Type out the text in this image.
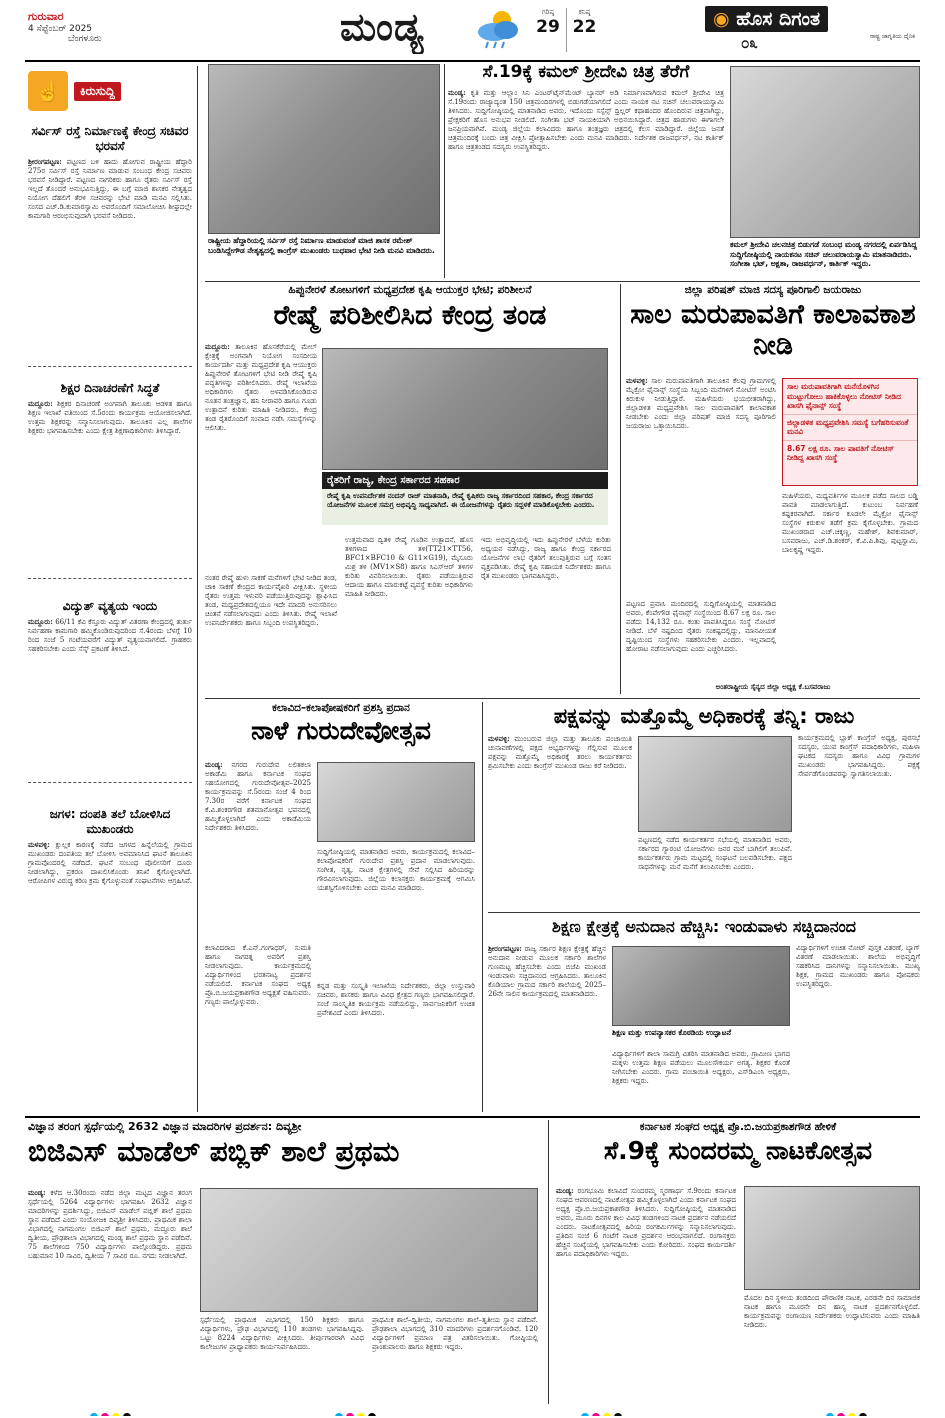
ಗುರುವಾರ
4 ಸೆಪ್ಟೆಂಬರ್ 2025
ಬೆಂಗಳೂರು	ಮಂಡ್ಯ	ಗರಿಷ್ಠ
29
ಕನಿಷ್ಠ
22	◉ ಹೊಸ ದಿಗಂತ
ರಾಷ್ಟ್ರ ಜಾಗೃತಿಯ ದೈನಿಕ
೦೩
☝	ಕಿರುಸುದ್ದಿ
ಸರ್ವಿಸ್ ರಸ್ತೆ ನಿರ್ಮಾಣಕ್ಕೆ ಕೇಂದ್ರ ಸಚಿವರ ಭರವಸೆ
ಶ್ರೀರಂಗಪಟ್ಟಣ: ಪಟ್ಟಣದ ಬಳಿ ಹಾದು ಹೋಗುವ ರಾಷ್ಟ್ರೀಯ ಹೆದ್ದಾರಿ 275ರ ಸರ್ವಿಸ್ ರಸ್ತೆ ನಿರ್ಮಾಣ ಮಾಡುವ ಸಂಬಂಧ ಕೇಂದ್ರ ಸಚಿವರು ಭರವಸೆ ನೀಡಿದ್ದಾರೆ. ಪಟ್ಟಣದ ನಾಗರಿಕರು ಹಾಗೂ ರೈತರು ಸರ್ವಿಸ್ ರಸ್ತೆ ಇಲ್ಲದೆ ತೊಂದರೆ ಅನುಭವಿಸುತ್ತಿದ್ದು, ಈ ಬಗ್ಗೆ ಮಾಜಿ ಶಾಸಕರ ನೇತೃತ್ವದ ನಿಯೋಗ ದೆಹಲಿಗೆ ತೆರಳಿ ಸಚಿವರನ್ನು ಭೇಟಿ ಮಾಡಿ ಮನವಿ ಸಲ್ಲಿಸಿತು. ಸಂಸದ ಎಚ್.ಡಿ.ಕುಮಾರಸ್ವಾಮಿ ಅವರೊಂದಿಗೆ ಸಮಾಲೋಚಿಸಿ ಶೀಘ್ರದಲ್ಲೇ ಕಾಮಗಾರಿ ಆರಂಭಿಸುವುದಾಗಿ ಭರವಸೆ ನೀಡಿದರು.
ಶಿಕ್ಷರ ದಿನಾಚರಣೆಗೆ ಸಿದ್ಧತೆ
ಮದ್ದೂರು: ಶಿಕ್ಷಕರ ದಿನಾಚರಣೆ ಅಂಗವಾಗಿ ತಾಲೂಕು ಆಡಳಿತ ಹಾಗೂ ಶಿಕ್ಷಣ ಇಲಾಖೆ ವತಿಯಿಂದ ಸೆ.5ರಂದು ಕಾರ್ಯಕ್ರಮ ಆಯೋಜಿಸಲಾಗಿದೆ. ಉತ್ತಮ ಶಿಕ್ಷಕರನ್ನು ಸನ್ಮಾನಿಸಲಾಗುವುದು. ತಾಲೂಕಿನ ಎಲ್ಲ ಶಾಲೆಗಳ ಶಿಕ್ಷಕರು ಭಾಗವಹಿಸಬೇಕು ಎಂದು ಕ್ಷೇತ್ರ ಶಿಕ್ಷಣಾಧಿಕಾರಿಗಳು ತಿಳಿಸಿದ್ದಾರೆ.
ವಿದ್ಯುತ್ ವ್ಯತ್ಯಯ ಇಂದು
ಮದ್ದೂರು: 66/11 ಕೆವಿ ಕೆಸ್ತೂರು ವಿದ್ಯುತ್ ವಿತರಣಾ ಕೇಂದ್ರದಲ್ಲಿ ತುರ್ತು ನಿರ್ವಹಣಾ ಕಾಮಗಾರಿ ಹಮ್ಮಿಕೊಂಡಿರುವುದರಿಂದ ಸೆ.4ರಂದು ಬೆಳಗ್ಗೆ 10 ರಿಂದ ಸಂಜೆ 5 ಗಂಟೆಯವರೆಗೆ ವಿದ್ಯುತ್ ವ್ಯತ್ಯಯವಾಗಲಿದೆ. ಗ್ರಾಹಕರು ಸಹಕರಿಸಬೇಕು ಎಂದು ಸೆಸ್ಕ್ ಪ್ರಕಟಣೆ ತಿಳಿಸಿದೆ.
ಜಗಳ: ದಂಪತಿ ತಲೆ ಬೋಳಿಸಿದ ಮುಖಂಡರು
ಮಳವಳ್ಳಿ: ಕ್ಷುಲ್ಲಕ ಕಾರಣಕ್ಕೆ ನಡೆದ ಜಗಳದ ಹಿನ್ನೆಲೆಯಲ್ಲಿ ಗ್ರಾಮದ ಮುಖಂಡರು ದಂಪತಿಯ ತಲೆ ಬೋಳಿಸಿ ಅವಮಾನಿಸಿದ ಘಟನೆ ತಾಲೂಕಿನ ಗ್ರಾಮವೊಂದರಲ್ಲಿ ನಡೆದಿದೆ. ಘಟನೆ ಸಂಬಂಧ ಪೊಲೀಸರಿಗೆ ದೂರು ನೀಡಲಾಗಿದ್ದು, ಪ್ರಕರಣ ದಾಖಲಿಸಿಕೊಂಡು ತನಿಖೆ ಕೈಗೊಳ್ಳಲಾಗಿದೆ. ಆರೋಪಿಗಳ ವಿರುದ್ಧ ಕಠಿಣ ಕ್ರಮ ಕೈಗೊಳ್ಳುವಂತೆ ಸಂಘಟನೆಗಳು ಆಗ್ರಹಿಸಿವೆ.
ರಾಷ್ಟ್ರೀಯ ಹೆದ್ದಾರಿಯಲ್ಲಿ ಸರ್ವಿಸ್ ರಸ್ತೆ ನಿರ್ಮಾಣ ಮಾಡುವಂತೆ ಮಾಜಿ ಶಾಸಕ ರಮೇಶ್ ಬಂಡಿಸಿದ್ದೇಗೌಡ ನೇತೃತ್ವದಲ್ಲಿ ಕಾಂಗ್ರೆಸ್ ಮುಖಂಡರು ಬುಧವಾರ ಭೇಟಿ ನೀಡಿ ಮನವಿ ಮಾಡಿದರು.
ಸೆ.19ಕ್ಕೆ ಕಮಲ್ ಶ್ರೀದೇವಿ ಚಿತ್ರ ತೆರೆಗೆ
ಮಂಡ್ಯ: ಕೃತಿ ಮತ್ತು ಆಲ್ಲಾಂ ಸಿನಿ ಎಂಟರ್‌ಟೈನ್‌ಮೆಂಟ್ ಬ್ಯಾನರ್ ಅಡಿ ನಿರ್ಮಾಣವಾಗಿರುವ ಕಮಲ್ ಶ್ರೀದೇವಿ ಚಿತ್ರ ಸೆ.19ರಂದು ರಾಜ್ಯಾದ್ಯಂತ 150 ಚಿತ್ರಮಂದಿರಗಳಲ್ಲಿ ಬಿಡುಗಡೆಯಾಗಲಿದೆ ಎಂದು ನಾಯಕ ನಟ ಸಚಿನ್ ಚಲುವರಾಯಸ್ವಾಮಿ ತಿಳಿಸಿದರು. ಸುದ್ದಿಗೋಷ್ಠಿಯಲ್ಲಿ ಮಾತನಾಡಿದ ಅವರು, ಇದೊಂದು ಸಸ್ಪೆನ್ಸ್ ಥ್ರಿಲ್ಲರ್ ಕಥಾಹಂದರ ಹೊಂದಿರುವ ಚಿತ್ರವಾಗಿದ್ದು, ಪ್ರೇಕ್ಷಕರಿಗೆ ಹೊಸ ಅನುಭವ ನೀಡಲಿದೆ. ಸಂಗೀತಾ ಭಟ್ ನಾಯಕಿಯಾಗಿ ಅಭಿನಯಿಸಿದ್ದಾರೆ. ಚಿತ್ರದ ಹಾಡುಗಳು ಈಗಾಗಲೇ ಜನಪ್ರಿಯವಾಗಿವೆ. ಮಂಡ್ಯ ಜಿಲ್ಲೆಯ ಕಲಾವಿದರು ಹಾಗೂ ತಂತ್ರಜ್ಞರು ಚಿತ್ರದಲ್ಲಿ ಕೆಲಸ ಮಾಡಿದ್ದಾರೆ. ಜಿಲ್ಲೆಯ ಜನತೆ ಚಿತ್ರಮಂದಿರಕ್ಕೆ ಬಂದು ಚಿತ್ರ ವೀಕ್ಷಿಸಿ ಪ್ರೋತ್ಸಾಹಿಸಬೇಕು ಎಂದು ಮನವಿ ಮಾಡಿದರು. ನಿರ್ದೇಶಕ ರಾಜವರ್ಧನ್, ನಟ ಕಾರ್ತಿಕ್ ಹಾಗೂ ಚಿತ್ರತಂಡದ ಸದಸ್ಯರು ಉಪಸ್ಥಿತರಿದ್ದರು.
ಕಮಲ್ ಶ್ರೀದೇವಿ ಚಲನಚಿತ್ರ ಬಿಡುಗಡೆ ಸಂಬಂಧ ಮಂಡ್ಯ ನಗರದಲ್ಲಿ ಏರ್ಪಡಿಸಿದ್ದ ಸುದ್ದಿಗೋಷ್ಠಿಯಲ್ಲಿ ನಾಯಕನಟ ಸಚಿನ್ ಚಲುವರಾಯಸ್ವಾಮಿ ಮಾತನಾಡಿದರು. ಸಂಗೀತಾ ಭಟ್, ಅಕ್ಷತಾ, ರಾಜವರ್ಧನ್, ಕಾರ್ತಿಕ್ ಇದ್ದರು.
ಹಿಪ್ಪುನೇರಳೆ ತೋಟಗಳಿಗೆ ಮಧ್ಯಪ್ರದೇಶ ಕೃಷಿ ಆಯುಕ್ತರ ಭೇಟಿ; ಪರಿಶೀಲನೆ
ರೇಷ್ಮೆ ಪರಿಶೀಲಿಸಿದ ಕೇಂದ್ರ ತಂಡ
ಮದ್ದೂರು: ತಾಲೂಕಿನ ಹೊಸಕೆರೆಯಲ್ಲಿ ಮೇಲ್ ಕ್ಷೇತ್ರಕ್ಕೆ ಅಂಗವಾಗಿ ನಿಯೋಗ ಸಂಸದೀಯ ಕಾರ್ಯದರ್ಶಿ ಮತ್ತು ಮಧ್ಯಪ್ರದೇಶ ಕೃಷಿ ಆಯುಕ್ತರು ಹಿಪ್ಪುನೇರಳೆ ತೋಟಗಳಿಗೆ ಭೇಟಿ ನೀಡಿ ರೇಷ್ಮೆ ಕೃಷಿ ಪದ್ಧತಿಗಳನ್ನು ಪರಿಶೀಲಿಸಿದರು. ರೇಷ್ಮೆ ಇಲಾಖೆಯ ಅಧಿಕಾರಿಗಳು ರೈತರು ಅಳವಡಿಸಿಕೊಂಡಿರುವ ನೂತನ ತಂತ್ರಜ್ಞಾನ, ಹನಿ ನೀರಾವರಿ ಹಾಗೂ ಗೂಡು ಉತ್ಪಾದನೆ ಕುರಿತು ಮಾಹಿತಿ ನೀಡಿದರು. ಕೇಂದ್ರ ತಂಡ ರೈತರೊಂದಿಗೆ ಸಂವಾದ ನಡೆಸಿ ಸಮಸ್ಯೆಗಳನ್ನು ಆಲಿಸಿತು.
ರೈತರಿಗೆ ರಾಜ್ಯ, ಕೇಂದ್ರ ಸರ್ಕಾರದ ಸಹಕಾರ
ರೇಷ್ಮೆ ಕೃಷಿ ಉಪನಿರ್ದೇಶಕ ನಂದನ್ ರಾಜ್ ಮಾತನಾಡಿ, ರೇಷ್ಮೆ ಕೃಷಿಕರು ರಾಜ್ಯ ಸರ್ಕಾರದಿಂದ ಸಹಕಾರ, ಕೇಂದ್ರ ಸರ್ಕಾರದ ಯೋಜನೆಗಳ ಮೂಲಕ ಸಮಗ್ರ ಅಭಿವೃದ್ಧಿ ಸಾಧ್ಯವಾಗಿದೆ. ಈ ಯೋಜನೆಗಳನ್ನು ರೈತರು ಸದ್ಬಳಕೆ ಮಾಡಿಕೊಳ್ಳಬೇಕು ಎಂದರು.
ನಂತರ ರೇಷ್ಮೆ ಹುಳು ಸಾಕಣೆ ಮನೆಗಳಿಗೆ ಭೇಟಿ ನೀಡಿದ ತಂಡ, ಚಾಕಿ ಸಾಕಣೆ ಕೇಂದ್ರದ ಕಾರ್ಯವೈಖರಿ ವೀಕ್ಷಿಸಿತು. ಸ್ಥಳೀಯ ರೈತರು ಉತ್ತಮ ಇಳುವರಿ ಪಡೆಯುತ್ತಿರುವುದನ್ನು ಶ್ಲಾಘಿಸಿದ ತಂಡ, ಮಧ್ಯಪ್ರದೇಶದಲ್ಲಿಯೂ ಇದೇ ಮಾದರಿ ಅನುಸರಿಸಲು ಚಿಂತನೆ ನಡೆಸಲಾಗುವುದು ಎಂದು ತಿಳಿಸಿತು. ರೇಷ್ಮೆ ಇಲಾಖೆ ಉಪನಿರ್ದೇಶಕರು ಹಾಗೂ ಸಿಬ್ಬಂದಿ ಉಪಸ್ಥಿತರಿದ್ದರು.
ಉತ್ತಮವಾದ ದ್ವಿತಳಿ ರೇಷ್ಮೆ ಗೂಡಿನ ಉತ್ಪಾದನೆ, ಹೊಸ ತಳಿಗಳಾದ ತಳಿ(TT21×TT56, BFC1×BFC10 & G11×G19), ಮೈಸೂರು ಮಿಶ್ರ ತಳಿ (MV1×S8) ಹಾಗೂ ಸಿಎಸ್‌ಆರ್ ತಳಿಗಳ ಕುರಿತು ವಿವರಿಸಲಾಯಿತು. ರೈತರು ಪಡೆಯುತ್ತಿರುವ ಆದಾಯ ಹಾಗೂ ಮಾರುಕಟ್ಟೆ ವ್ಯವಸ್ಥೆ ಕುರಿತು ಅಧಿಕಾರಿಗಳು ಮಾಹಿತಿ ನೀಡಿದರು.
ಇದು ಅಭಿವೃದ್ಧಿಯಲ್ಲಿ ಇದು ಹಿಪ್ಪುನೇರಳೆ ಬೆಳೆಯ ಕುರಿತು ಅಧ್ಯಯನ ನಡೆಸಿದ್ದು, ರಾಜ್ಯ ಹಾಗೂ ಕೇಂದ್ರ ಸರ್ಕಾರದ ಯೋಜನೆಗಳ ಲಾಭ ರೈತರಿಗೆ ತಲುಪುತ್ತಿರುವ ಬಗ್ಗೆ ಸಂತಸ ವ್ಯಕ್ತಪಡಿಸಿತು. ರೇಷ್ಮೆ ಕೃಷಿ ಸಹಾಯಕ ನಿರ್ದೇಶಕರು ಹಾಗೂ ರೈತ ಮುಖಂಡರು ಭಾಗವಹಿಸಿದ್ದರು.
ಜಿಲ್ಲಾ ಪರಿಷತ್ ಮಾಜಿ ಸದಸ್ಯ ಪೂರಿಗಾಲಿ ಜಯರಾಜು
ಸಾಲ ಮರುಪಾವತಿಗೆ ಕಾಲಾವಕಾಶ ನೀಡಿ
ಮಳವಳ್ಳಿ: ಸಾಲ ಮರುಪಾವತಿಗಾಗಿ ತಾಲೂಕಿನ ಕೆಲವು ಗ್ರಾಮಗಳಲ್ಲಿ ಮೈಕ್ರೋ ಫೈನಾನ್ಸ್ ಸಂಸ್ಥೆಯ ಸಿಬ್ಬಂದಿ ಮನೆಗಳಿಗೆ ನೋಟಿಸ್ ಅಂಟಿಸಿ ಕಿರುಕುಳ ನೀಡುತ್ತಿದ್ದಾರೆ. ಮಹಿಳೆಯರು ಭಯಭೀತರಾಗಿದ್ದು, ಜಿಲ್ಲಾಡಳಿತ ಮಧ್ಯಪ್ರವೇಶಿಸಿ ಸಾಲ ಮರುಪಾವತಿಗೆ ಕಾಲಾವಕಾಶ ನೀಡಬೇಕು ಎಂದು ಜಿಲ್ಲಾ ಪರಿಷತ್ ಮಾಜಿ ಸದಸ್ಯ ಪೂರಿಗಾಲಿ ಜಯರಾಜು ಒತ್ತಾಯಿಸಿದರು.
ಸಾಲ ಮರುಪಾವತಿಗಾಗಿ ಮನೆಯೊಳಗಿನ ಮುಟ್ಟುಗೋಲು ಹಾಕಿಕೊಳ್ಳಲು ನೋಟಿಸ್ ನೀಡಿದ ಖಾಸಗಿ ಫೈನಾನ್ಸ್ ಸಂಸ್ಥೆ
ಜಿಲ್ಲಾಡಳಿತ ಮಧ್ಯಪ್ರವೇಶಿಸಿ ಸಮಸ್ಯೆ ಬಗೆಹರಿಸುವಂತೆ ಮನವಿ
8.67 ಲಕ್ಷ ರೂ. ಸಾಲ ಪಾವತಿಗೆ ನೋಟಿಸ್ ನೀಡಿದ್ದ ಖಾಸಗಿ ಸಂಸ್ಥೆ
ಮಹಿಳೆಯರು, ಮಧ್ಯವರ್ತಿಗಳ ಮೂಲಕ ಪಡೆದ ಸಾಲದ ಬಡ್ಡಿ ಪಾವತಿ ಮಾಡಲಾಗುತ್ತಿದೆ. ಕುಟುಂಬ ನಿರ್ವಹಣೆ ಕಷ್ಟಕರವಾಗಿದೆ. ಸರ್ಕಾರ ಕೂಡಲೇ ಮೈಕ್ರೋ ಫೈನಾನ್ಸ್ ಸಂಸ್ಥೆಗಳ ಕಿರುಕುಳ ತಡೆಗೆ ಕ್ರಮ ಕೈಗೊಳ್ಳಬೇಕು. ಗ್ರಾಮದ ಮುಖಂಡರಾದ ಎಚ್.ಚಿಕ್ಕಣ್ಣ, ಮಹೇಶ್, ಶಿವಕುಮಾರ್, ಬಸವರಾಜು, ಎಚ್.ಡಿ.ಶಂಕರ್, ಕೆ.ವಿ.ಪಿ.ಶಿವು, ಪುಟ್ಟಸ್ವಾಮಿ, ಬಾಲಕೃಷ್ಣ ಇದ್ದರು.
ಪಟ್ಟಣದ ಪ್ರವಾಸಿ ಮಂದಿರದಲ್ಲಿ ಸುದ್ದಿಗೋಷ್ಠಿಯಲ್ಲಿ ಮಾತನಾಡಿದ ಅವರು, ಕೆಂಪೇಗೌಡ ಫೈನಾನ್ಸ್ ಸಂಸ್ಥೆಯಿಂದ 8.67 ಲಕ್ಷ ರೂ. ಸಾಲ ಪಡೆದು 14,132 ರೂ. ಕಂತು ಪಾವತಿಸಿದ್ದರೂ ಸಂಸ್ಥೆ ನೋಟಿಸ್ ನೀಡಿದೆ. ಬೆಳೆ ನಷ್ಟದಿಂದ ರೈತರು ಸಂಕಷ್ಟದಲ್ಲಿದ್ದು, ಮಾನವೀಯತೆ ದೃಷ್ಟಿಯಿಂದ ಸಂಸ್ಥೆಗಳು ಸಹಕರಿಸಬೇಕು ಎಂದರು. ಇಲ್ಲವಾದಲ್ಲಿ ಹೋರಾಟ ನಡೆಸಲಾಗುವುದು ಎಂದು ಎಚ್ಚರಿಸಿದರು.
ಅಂತರಾಷ್ಟ್ರೀಯ ಸೈನ್ಯದ ಜಿಲ್ಲಾ ಅಧ್ಯಕ್ಷ ಕೆ.ಬಸವರಾಜು
ಕಲಾವಿದ–ಕಲಾಪೋಷಕರಿಗೆ ಪ್ರಶಸ್ತಿ ಪ್ರದಾನ
ನಾಳೆ ಗುರುದೇವೋತ್ಸವ
ಮಂಡ್ಯ: ನಗರದ ಗುರುದೇವ ಲಲಿತಕಲಾ ಅಕಾಡೆಮಿ ಹಾಗೂ ಕರ್ನಾಟಕ ಸಂಘದ ಸಹಯೋಗದಲ್ಲಿ ಗುರುದೇವೋತ್ಸವ–2025 ಕಾರ್ಯಕ್ರಮವನ್ನು ಸೆ.5ರಂದು ಸಂಜೆ 4 ರಿಂದ 7.30ರ ವರೆಗೆ ಕರ್ನಾಟಕ ಸಂಘದ ಕೆ.ವಿ.ಶಂಕರಗೌಡ ಶತಮಾನೋತ್ಸವ ಭವನದಲ್ಲಿ ಹಮ್ಮಿಕೊಳ್ಳಲಾಗಿದೆ ಎಂದು ಅಕಾಡೆಮಿಯ ನಿರ್ದೇಶಕರು ತಿಳಿಸಿದರು.
ಸುದ್ದಿಗೋಷ್ಠಿಯಲ್ಲಿ ಮಾತನಾಡಿದ ಅವರು, ಕಾರ್ಯಕ್ರಮದಲ್ಲಿ ಕಲಾವಿದ–ಕಲಾಪೋಷಕರಿಗೆ ಗುರುದೇವ ಪ್ರಶಸ್ತಿ ಪ್ರದಾನ ಮಾಡಲಾಗುವುದು. ಸಂಗೀತ, ನೃತ್ಯ, ನಾಟಕ ಕ್ಷೇತ್ರಗಳಲ್ಲಿ ಸೇವೆ ಸಲ್ಲಿಸಿದ ಹಿರಿಯರನ್ನು ಗೌರವಿಸಲಾಗುವುದು. ಜಿಲ್ಲೆಯ ಕಲಾಸಕ್ತರು ಕಾರ್ಯಕ್ರಮಕ್ಕೆ ಆಗಮಿಸಿ ಯಶಸ್ವಿಗೊಳಿಸಬೇಕು ಎಂದು ಮನವಿ ಮಾಡಿದರು.
ಕಲಾವಿದರಾದ ಕೆ.ಎನ್.ಗಂಗಾಧರ್, ಸುಮತಿ ಹಾಗೂ ನಾಗರತ್ನ ಅವರಿಗೆ ಪ್ರಶಸ್ತಿ ನೀಡಲಾಗುವುದು. ಕಾರ್ಯಕ್ರಮದಲ್ಲಿ ವಿದ್ಯಾರ್ಥಿಗಳಿಂದ ಭರತನಾಟ್ಯ ಪ್ರದರ್ಶನ ನಡೆಯಲಿದೆ. ಕರ್ನಾಟಕ ಸಂಘದ ಅಧ್ಯಕ್ಷ ಪ್ರೊ.ಬಿ.ಜಯಪ್ರಕಾಶಗೌಡ ಅಧ್ಯಕ್ಷತೆ ವಹಿಸುವರು. ಗಣ್ಯರು ಪಾಲ್ಗೊಳ್ಳುವರು.
ಕನ್ನಡ ಮತ್ತು ಸಂಸ್ಕೃತಿ ಇಲಾಖೆಯ ನಿರ್ದೇಶಕರು, ಜಿಲ್ಲಾ ಉಸ್ತುವಾರಿ ಸಚಿವರು, ಶಾಸಕರು ಹಾಗೂ ವಿವಿಧ ಕ್ಷೇತ್ರದ ಗಣ್ಯರು ಭಾಗವಹಿಸಲಿದ್ದಾರೆ. ಸಂಜೆ ಸಾಂಸ್ಕೃತಿಕ ಕಾರ್ಯಕ್ರಮ ನಡೆಯಲಿದ್ದು, ಸಾರ್ವಜನಿಕರಿಗೆ ಉಚಿತ ಪ್ರವೇಶವಿದೆ ಎಂದು ತಿಳಿಸಿದರು.
ಪಕ್ಷವನ್ನು ಮತ್ತೊಮ್ಮೆ ಅಧಿಕಾರಕ್ಕೆ ತನ್ನಿ: ರಾಜು
ಮಳವಳ್ಳಿ: ಮುಂಬರುವ ಜಿಲ್ಲಾ ಮತ್ತು ತಾಲೂಕು ಪಂಚಾಯಿತಿ ಚುನಾವಣೆಗಳಲ್ಲಿ ಪಕ್ಷದ ಅಭ್ಯರ್ಥಿಗಳನ್ನು ಗೆಲ್ಲಿಸುವ ಮೂಲಕ ಪಕ್ಷವನ್ನು ಮತ್ತೊಮ್ಮೆ ಅಧಿಕಾರಕ್ಕೆ ತರಲು ಕಾರ್ಯಕರ್ತರು ಶ್ರಮಿಸಬೇಕು ಎಂದು ಕಾಂಗ್ರೆಸ್ ಮುಖಂಡ ರಾಜು ಕರೆ ನೀಡಿದರು.
ಪಟ್ಟಣದಲ್ಲಿ ನಡೆದ ಕಾರ್ಯಕರ್ತರ ಸಭೆಯಲ್ಲಿ ಮಾತನಾಡಿದ ಅವರು, ಸರ್ಕಾರದ ಗ್ಯಾರಂಟಿ ಯೋಜನೆಗಳು ಜನರ ಮನೆ ಬಾಗಿಲಿಗೆ ತಲುಪಿವೆ. ಕಾರ್ಯಕರ್ತರು ಗ್ರಾಮ ಮಟ್ಟದಲ್ಲಿ ಸಂಘಟನೆ ಬಲಪಡಿಸಬೇಕು. ಪಕ್ಷದ ಸಾಧನೆಗಳನ್ನು ಮನೆ ಮನೆಗೆ ತಲುಪಿಸಬೇಕು ಎಂದರು.
ಕಾರ್ಯಕ್ರಮದಲ್ಲಿ ಬ್ಲಾಕ್ ಕಾಂಗ್ರೆಸ್ ಅಧ್ಯಕ್ಷ, ಪುರಸಭೆ ಸದಸ್ಯರು, ಯುವ ಕಾಂಗ್ರೆಸ್ ಪದಾಧಿಕಾರಿಗಳು, ಮಹಿಳಾ ಘಟಕದ ಸದಸ್ಯರು ಹಾಗೂ ವಿವಿಧ ಗ್ರಾಮಗಳ ಮುಖಂಡರು ಭಾಗವಹಿಸಿದ್ದರು. ಪಕ್ಷಕ್ಕೆ ಸೇರ್ಪಡೆಗೊಂಡವರನ್ನು ಸ್ವಾಗತಿಸಲಾಯಿತು.
ಶಿಕ್ಷಣ ಕ್ಷೇತ್ರಕ್ಕೆ ಅನುದಾನ ಹೆಚ್ಚಿಸಿ: ಇಂಡುವಾಳು ಸಚ್ಚಿದಾನಂದ
ಶ್ರೀರಂಗಪಟ್ಟಣ: ರಾಜ್ಯ ಸರ್ಕಾರ ಶಿಕ್ಷಣ ಕ್ಷೇತ್ರಕ್ಕೆ ಹೆಚ್ಚಿನ ಅನುದಾನ ನೀಡುವ ಮೂಲಕ ಸರ್ಕಾರಿ ಶಾಲೆಗಳ ಗುಣಮಟ್ಟ ಹೆಚ್ಚಿಸಬೇಕು ಎಂದು ಬಿಜೆಪಿ ಮುಖಂಡ ಇಂಡುವಾಳು ಸಚ್ಚಿದಾನಂದ ಆಗ್ರಹಿಸಿದರು. ತಾಲೂಕಿನ ಕೊಡಿಯಾಲ ಗ್ರಾಮದ ಸರ್ಕಾರಿ ಶಾಲೆಯಲ್ಲಿ 2025–26ನೇ ಸಾಲಿನ ಕಾರ್ಯಕ್ರಮದಲ್ಲಿ ಮಾತನಾಡಿದರು.
ಶಿಕ್ಷಣ ಮತ್ತು ಉಪನ್ಯಾಸಕರ ಕೊಠಡಿಯ ಉದ್ಘಾಟನೆ
ವಿದ್ಯಾರ್ಥಿಗಳಿಗೆ ಶಾಲಾ ಸಾಮಗ್ರಿ ವಿತರಿಸಿ ಮಾತನಾಡಿದ ಅವರು, ಗ್ರಾಮೀಣ ಭಾಗದ ಮಕ್ಕಳು ಉತ್ತಮ ಶಿಕ್ಷಣ ಪಡೆಯಲು ಮೂಲಸೌಕರ್ಯ ಅಗತ್ಯ. ಶಿಕ್ಷಕರ ಕೊರತೆ ನೀಗಿಸಬೇಕು ಎಂದರು. ಗ್ರಾಮ ಪಂಚಾಯಿತಿ ಅಧ್ಯಕ್ಷರು, ಎಸ್‌ಡಿಎಂಸಿ ಅಧ್ಯಕ್ಷರು, ಶಿಕ್ಷಕರು ಇದ್ದರು.
ವಿದ್ಯಾರ್ಥಿಗಳಿಗೆ ಉಚಿತ ನೋಟ್ ಪುಸ್ತಕ ವಿತರಣೆ, ಬ್ಯಾಗ್ ವಿತರಣೆ ಮಾಡಲಾಯಿತು. ಶಾಲೆಯ ಅಭಿವೃದ್ಧಿಗೆ ಸಹಕರಿಸಿದ ದಾನಿಗಳನ್ನು ಸನ್ಮಾನಿಸಲಾಯಿತು. ಮುಖ್ಯ ಶಿಕ್ಷಕ, ಗ್ರಾಮದ ಮುಖಂಡರು ಹಾಗೂ ಪೋಷಕರು ಉಪಸ್ಥಿತರಿದ್ದರು.
ವಿಜ್ಞಾನ ತರಂಗ ಸ್ಪರ್ಧೆಯಲ್ಲಿ 2632 ವಿಜ್ಞಾನ ಮಾದರಿಗಳ ಪ್ರದರ್ಶನ: ದಿವ್ಯಶ್ರೀ
ಬಿಜಿಎಸ್ ಮಾಡೆಲ್ ಪಬ್ಲಿಕ್ ಶಾಲೆ ಪ್ರಥಮ
ಮಂಡ್ಯ: ಕಳೆದ ಆ.30ರಂದು ನಡೆದ ಜಿಲ್ಲಾ ಮಟ್ಟದ ವಿಜ್ಞಾನ ತರಂಗ ಸ್ಪರ್ಧೆಯಲ್ಲಿ 5264 ವಿದ್ಯಾರ್ಥಿಗಳು ಭಾಗವಹಿಸಿ 2632 ವಿಜ್ಞಾನ ಮಾದರಿಗಳನ್ನು ಪ್ರದರ್ಶಿಸಿದ್ದು, ಬಿಜಿಎಸ್ ಮಾಡೆಲ್ ಪಬ್ಲಿಕ್ ಶಾಲೆ ಪ್ರಥಮ ಸ್ಥಾನ ಪಡೆದಿದೆ ಎಂದು ಸಂಯೋಜಕಿ ದಿವ್ಯಶ್ರೀ ತಿಳಿಸಿದರು. ಪ್ರಾಥಮಿಕ ಶಾಲಾ ವಿಭಾಗದಲ್ಲಿ ನಾಗಮಂಗಲ ಬಿಜಿಎಸ್ ಶಾಲೆ ಪ್ರಥಮ, ಮದ್ದೂರು ಶಾಲೆ ದ್ವಿತೀಯ, ಪ್ರೌಢಶಾಲಾ ವಿಭಾಗದಲ್ಲಿ ಮಂಡ್ಯ ಶಾಲೆ ಪ್ರಥಮ ಸ್ಥಾನ ಪಡೆದಿವೆ. 75 ಶಾಲೆಗಳಿಂದ 750 ವಿದ್ಯಾರ್ಥಿಗಳು ಪಾಲ್ಗೊಂಡಿದ್ದರು. ಪ್ರಥಮ ಬಹುಮಾನ 10 ಸಾವಿರ, ದ್ವಿತೀಯ 7 ಸಾವಿರ ರೂ. ನಗದು ನೀಡಲಾಗಿದೆ.
ಸ್ಪರ್ಧೆಯಲ್ಲಿ ಪ್ರಾಥಮಿಕ ವಿಭಾಗದಲ್ಲಿ 150 ಶಿಕ್ಷಕರು ಹಾಗೂ ವಿದ್ಯಾರ್ಥಿಗಳು, ಪ್ರೌಢ ವಿಭಾಗದಲ್ಲಿ 110 ತಂಡಗಳು ಭಾಗವಹಿಸಿದ್ದವು. ಒಟ್ಟು 8224 ವಿದ್ಯಾರ್ಥಿಗಳು ವೀಕ್ಷಿಸಿದರು. ತೀರ್ಪುಗಾರರಾಗಿ ವಿವಿಧ ಕಾಲೇಜುಗಳ ಪ್ರಾಧ್ಯಾಪಕರು ಕಾರ್ಯನಿರ್ವಹಿಸಿದರು.
ಪ್ರಾಥಮಿಕ ಶಾಲೆ–ದ್ವಿತೀಯ, ನಾಗಮಂಗಲ ಶಾಲೆ–ತೃತೀಯ ಸ್ಥಾನ ಪಡೆದಿವೆ. ಪ್ರೌಢಶಾಲಾ ವಿಭಾಗದಲ್ಲಿ 310 ಮಾದರಿಗಳು ಪ್ರದರ್ಶನಗೊಂಡಿವೆ. 120 ವಿದ್ಯಾರ್ಥಿಗಳಿಗೆ ಪ್ರಮಾಣ ಪತ್ರ ವಿತರಿಸಲಾಯಿತು. ಗೋಷ್ಠಿಯಲ್ಲಿ ಪ್ರಾಂಶುಪಾಲರು ಹಾಗೂ ಶಿಕ್ಷಕರು ಇದ್ದರು.
ಕರ್ನಾಟಕ ಸಂಘದ ಅಧ್ಯಕ್ಷ ಪ್ರೊ.ಬಿ.ಜಯಪ್ರಕಾಶಗೌಡ ಹೇಳಿಕೆ
ಸೆ.9ಕ್ಕೆ ಸುಂದರಮ್ಮ ನಾಟಕೋತ್ಸವ
ಮಂಡ್ಯ: ರಂಗಭೂಮಿ ಕಲಾವಿದೆ ಸುಂದರಮ್ಮ ಸ್ಮರಣಾರ್ಥ ಸೆ.9ರಂದು ಕರ್ನಾಟಕ ಸಂಘದ ಆವರಣದಲ್ಲಿ ನಾಟಕೋತ್ಸವ ಹಮ್ಮಿಕೊಳ್ಳಲಾಗಿದೆ ಎಂದು ಕರ್ನಾಟಕ ಸಂಘದ ಅಧ್ಯಕ್ಷ ಪ್ರೊ.ಬಿ.ಜಯಪ್ರಕಾಶಗೌಡ ತಿಳಿಸಿದರು. ಸುದ್ದಿಗೋಷ್ಠಿಯಲ್ಲಿ ಮಾತನಾಡಿದ ಅವರು, ಮೂರು ದಿನಗಳ ಕಾಲ ವಿವಿಧ ತಂಡಗಳಿಂದ ನಾಟಕ ಪ್ರದರ್ಶನ ನಡೆಯಲಿದೆ ಎಂದರು. ನಾಟಕೋತ್ಸವದಲ್ಲಿ ಹಿರಿಯ ರಂಗಕರ್ಮಿಗಳನ್ನು ಸನ್ಮಾನಿಸಲಾಗುವುದು. ಪ್ರತಿದಿನ ಸಂಜೆ 6 ಗಂಟೆಗೆ ನಾಟಕ ಪ್ರದರ್ಶನ ಆರಂಭವಾಗಲಿದೆ. ರಂಗಾಸಕ್ತರು ಹೆಚ್ಚಿನ ಸಂಖ್ಯೆಯಲ್ಲಿ ಭಾಗವಹಿಸಬೇಕು ಎಂದು ಕೋರಿದರು. ಸಂಘದ ಕಾರ್ಯದರ್ಶಿ ಹಾಗೂ ಪದಾಧಿಕಾರಿಗಳು ಇದ್ದರು.
ಮೊದಲ ದಿನ ಸ್ಥಳೀಯ ತಂಡದಿಂದ ಪೌರಾಣಿಕ ನಾಟಕ, ಎರಡನೇ ದಿನ ಸಾಮಾಜಿಕ ನಾಟಕ ಹಾಗೂ ಮೂರನೇ ದಿನ ಹಾಸ್ಯ ನಾಟಕ ಪ್ರದರ್ಶನಗೊಳ್ಳಲಿದೆ. ಕಾರ್ಯಕ್ರಮವನ್ನು ರಂಗಾಯಣ ನಿರ್ದೇಶಕರು ಉದ್ಘಾಟಿಸುವರು ಎಂದು ಮಾಹಿತಿ ನೀಡಿದರು.
